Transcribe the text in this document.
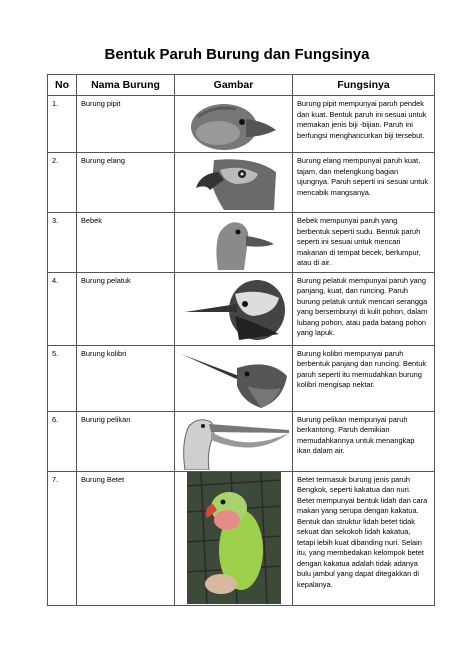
Bentuk Paruh Burung dan Fungsinya
No	Nama Burung	Gambar	Fungsinya
1.	Burung pipit		Burung pipit mempunyai paruh pendek dan kuat. Bentuk paruh ini sesuai untuk memakan jenis biji -bijian. Paruh ini berfungsi menghancurkan biji tersebut.
2.	Burung elang		Burung elang mempunyai paruh kuat, tajam, dan melengkung bagian ujungnya. Paruh seperti ini sesuai untuk mencabik mangsanya.
3.	Bebek		Bebek mempunyai paruh yang berbentuk seperti sudu. Bentuk paruh seperti ini sesuai untuk mencari makanan di tempat becek, berlumpur, atau di air.
4.	Burung pelatuk		Burung pelatuk mempunyai paruh yang panjang, kuat, dan runcing. Paruh burung pelatuk untuk mencari serangga yang bersembunyi di kulit pohon, dalam lubang pohon, atau pada batang pohon yang lapuk.
5.	Burung kolibri		Burung kolibri mempunyai paruh berbentuk panjang dan runcing. Bentuk paruh seperti itu memudahkan burung kolibri mengisap nektar.
6.	Burung pelikan		Burung pelikan mempunyai paruh berkantong. Paruh demikian memudahkannya untuk menangkap ikan dalam air.
7.	Burung Betet		Betet termasuk burung jenis paruh Bengkok, seperti kakatua dan nuri. Betet mempunyai bentuk lidah dan cara makan yang serupa dengan kakatua. Bentuk dan struktur lidah betet tidak sekuat dan sekokoh lidah kakatua, tetapi lebih kuat dibanding nuri. Selain itu, yang membedakan kelompok betet dengan kakatua adalah tidak adanya bulu jambul yang dapat ditegakkan di kepalanya.
